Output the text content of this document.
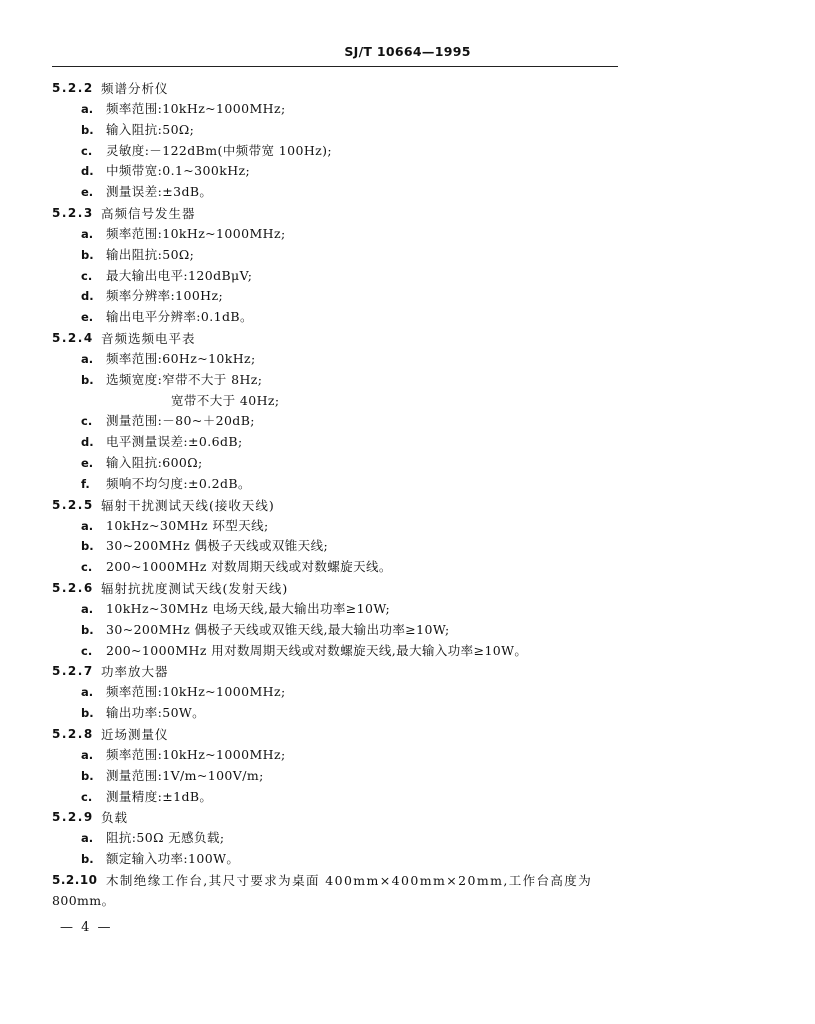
SJ/T 10664—1995
5.2.2 频谱分析仪
a. 频率范围:10kHz~1000MHz;
b. 输入阻抗:50Ω;
c. 灵敏度:－122dBm(中频带宽 100Hz);
d. 中频带宽:0.1~300kHz;
e. 测量误差:±3dB。
5.2.3 高频信号发生器
a. 频率范围:10kHz~1000MHz;
b. 输出阻抗:50Ω;
c. 最大输出电平:120dBμV;
d. 频率分辨率:100Hz;
e. 输出电平分辨率:0.1dB。
5.2.4 音频选频电平表
a. 频率范围:60Hz~10kHz;
b. 选频宽度:窄带不大于 8Hz;
宽带不大于 40Hz;
c. 测量范围:－80~＋20dB;
d. 电平测量误差:±0.6dB;
e. 输入阻抗:600Ω;
f. 频响不均匀度:±0.2dB。
5.2.5 辐射干扰测试天线(接收天线)
a. 10kHz~30MHz 环型天线;
b. 30~200MHz 偶极子天线或双锥天线;
c. 200~1000MHz 对数周期天线或对数螺旋天线。
5.2.6 辐射抗扰度测试天线(发射天线)
a. 10kHz~30MHz 电场天线,最大输出功率≥10W;
b. 30~200MHz 偶极子天线或双锥天线,最大输出功率≥10W;
c. 200~1000MHz 用对数周期天线或对数螺旋天线,最大输入功率≥10W。
5.2.7 功率放大器
a. 频率范围:10kHz~1000MHz;
b. 输出功率:50W。
5.2.8 近场测量仪
a. 频率范围:10kHz~1000MHz;
b. 测量范围:1V/m~100V/m;
c. 测量精度:±1dB。
5.2.9 负载
a. 阻抗:50Ω 无感负载;
b. 额定输入功率:100W。
5.2.10 木制绝缘工作台,其尺寸要求为桌面 400mm×400mm×20mm,工作台高度为
800mm。
— 4 —
